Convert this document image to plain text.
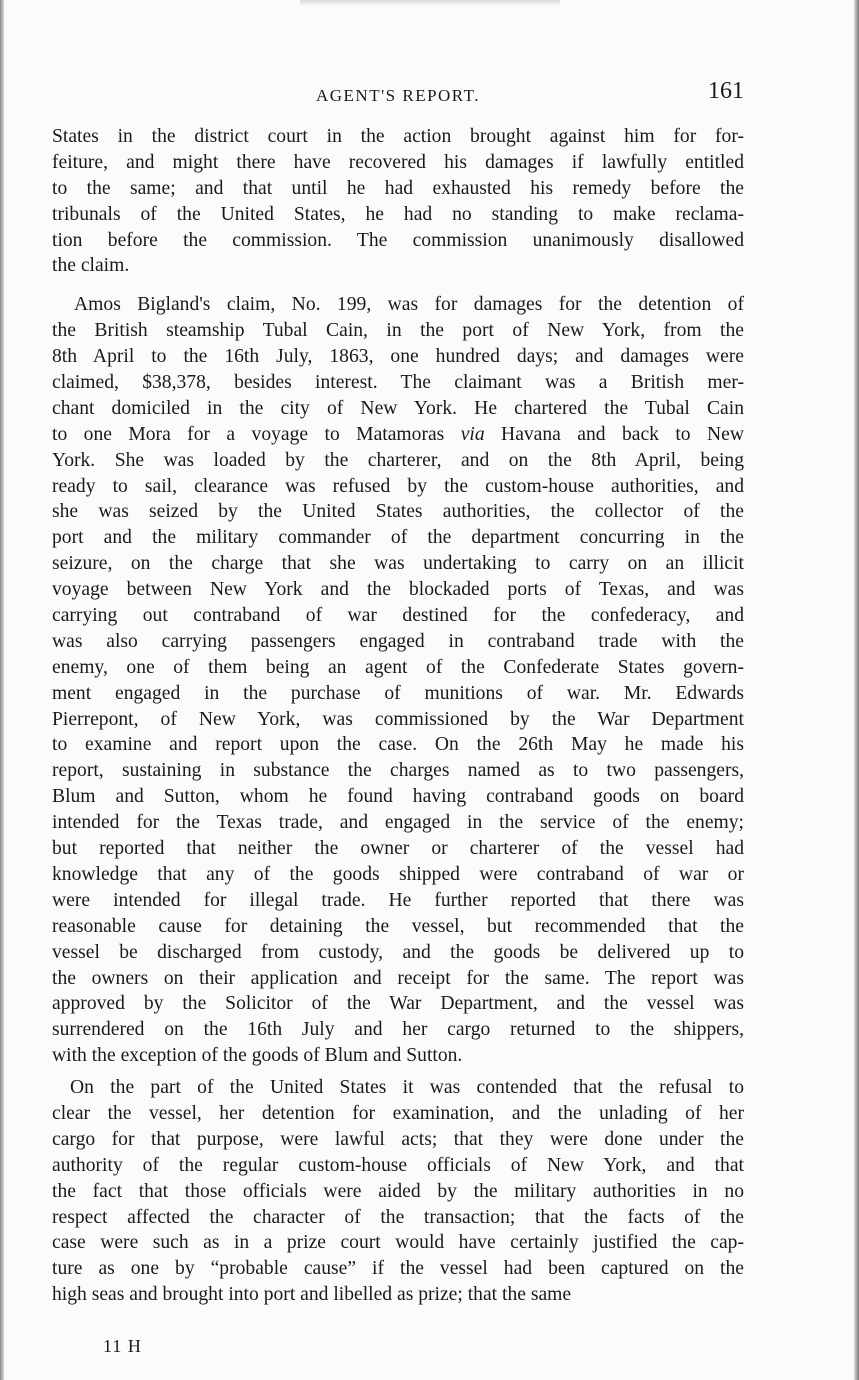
AGENT'S REPORT.	161

States in the district court in the action brought against him for for-
feiture, and might there have recovered his damages if lawfully entitled
to the same; and that until he had exhausted his remedy before the
tribunals of the United States, he had no standing to make reclama-
tion before the commission. The commission unanimously disallowed
the claim.

Amos Bigland's claim, No. 199, was for damages for the detention of
the British steamship Tubal Cain, in the port of New York, from the
8th April to the 16th July, 1863, one hundred days; and damages were
claimed, $38,378, besides interest. The claimant was a British mer-
chant domiciled in the city of New York. He chartered the Tubal Cain
to one Mora for a voyage to Matamoras via Havana and back to New
York. She was loaded by the charterer, and on the 8th April, being
ready to sail, clearance was refused by the custom-house authorities, and
she was seized by the United States authorities, the collector of the
port and the military commander of the department concurring in the
seizure, on the charge that she was undertaking to carry on an illicit
voyage between New York and the blockaded ports of Texas, and was
carrying out contraband of war destined for the confederacy, and
was also carrying passengers engaged in contraband trade with the
enemy, one of them being an agent of the Confederate States govern-
ment engaged in the purchase of munitions of war. Mr. Edwards
Pierrepont, of New York, was commissioned by the War Department
to examine and report upon the case. On the 26th May he made his
report, sustaining in substance the charges named as to two passengers,
Blum and Sutton, whom he found having contraband goods on board
intended for the Texas trade, and engaged in the service of the enemy;
but reported that neither the owner or charterer of the vessel had
knowledge that any of the goods shipped were contraband of war or
were intended for illegal trade. He further reported that there was
reasonable cause for detaining the vessel, but recommended that the
vessel be discharged from custody, and the goods be delivered up to
the owners on their application and receipt for the same. The report was
approved by the Solicitor of the War Department, and the vessel was
surrendered on the 16th July and her cargo returned to the shippers,
with the exception of the goods of Blum and Sutton.

On the part of the United States it was contended that the refusal to
clear the vessel, her detention for examination, and the unlading of her
cargo for that purpose, were lawful acts; that they were done under the
authority of the regular custom-house officials of New York, and that
the fact that those officials were aided by the military authorities in no
respect affected the character of the transaction; that the facts of the
case were such as in a prize court would have certainly justified the cap-
ture as one by “probable cause” if the vessel had been captured on the
high seas and brought into port and libelled as prize; that the same

11 H
